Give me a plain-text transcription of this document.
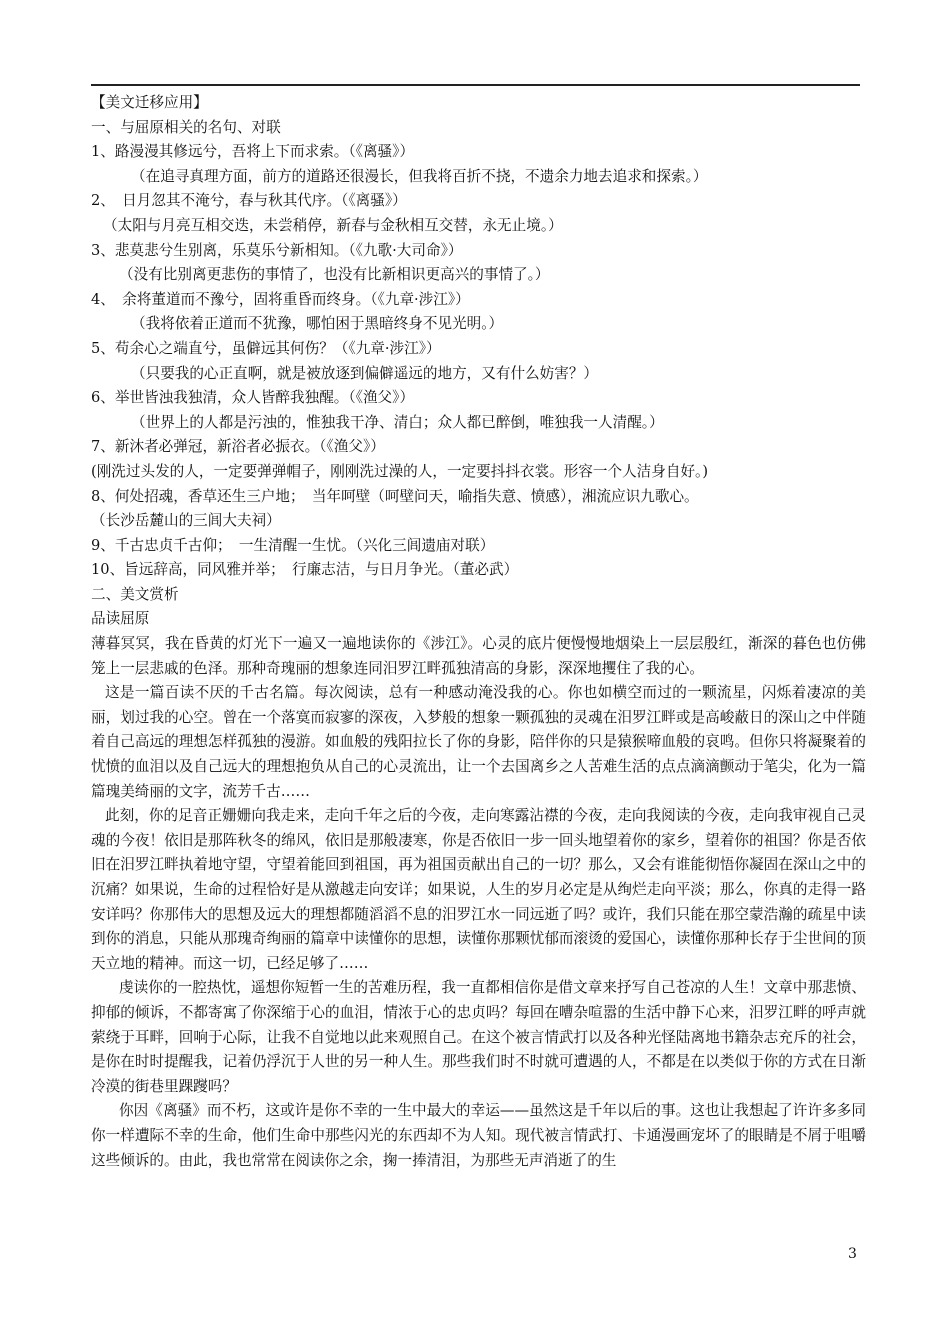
【美文迁移应用】

一、与屈原相关的名句、对联

1、路漫漫其修远兮，吾将上下而求索。（《离骚》）

（在追寻真理方面，前方的道路还很漫长，但我将百折不挠，不遗余力地去追求和探索。）

2、　日月忽其不淹兮，春与秋其代序。（《离骚》）

（太阳与月亮互相交迭，未尝稍停，新春与金秋相互交替，永无止境。）

3、悲莫悲兮生别离，乐莫乐兮新相知。（《九歌·大司命》）

（没有比别离更悲伤的事情了，也没有比新相识更高兴的事情了。）

4、　余将董道而不豫兮，固将重昏而终身。（《九章·涉江》）

（我将依着正道而不犹豫，哪怕困于黑暗终身不见光明。）

5、苟余心之端直兮，虽僻远其何伤？（《九章·涉江》）

（只要我的心正直啊，就是被放逐到偏僻遥远的地方，又有什么妨害？）

6、举世皆浊我独清，众人皆醉我独醒。（《渔父》）

（世界上的人都是污浊的，惟独我干净、清白；众人都已醉倒，唯独我一人清醒。）

7、新沐者必弹冠，新浴者必振衣。（《渔父》）

(刚洗过头发的人，一定要弹弹帽子，刚刚洗过澡的人，一定要抖抖衣裳。形容一个人洁身自好。)

8、何处招魂，香草还生三户地；　当年呵壁（呵壁问天，喻指失意、愤感），湘流应识九歌心。

（长沙岳麓山的三闾大夫祠）

9、千古忠贞千古仰；　一生清醒一生忧。（兴化三闾遗庙对联）

10、旨远辞高，同风雅并举；　行廉志洁，与日月争光。（董必武）

二、美文赏析

品读屈原

薄暮冥冥，我在昏黄的灯光下一遍又一遍地读你的《涉江》。心灵的底片便慢慢地烟染上一层层殷红，渐深的暮色也仿佛笼上一层悲戚的色泽。那种奇瑰丽的想象连同汨罗江畔孤独清高的身影，深深地攫住了我的心。

这是一篇百读不厌的千古名篇。每次阅读，总有一种感动淹没我的心。你也如横空而过的一颗流星，闪烁着凄凉的美丽，划过我的心空。曾在一个落寞而寂寥的深夜，入梦般的想象一颗孤独的灵魂在汨罗江畔或是高峻蔽日的深山之中伴随着自己高远的理想怎样孤独的漫游。如血般的残阳拉长了你的身影，陪伴你的只是猿猴啼血般的哀鸣。但你只将凝聚着的忧愤的血泪以及自己远大的理想抱负从自己的心灵流出，让一个去国离乡之人苦难生活的点点滴滴颤动于笔尖，化为一篇篇瑰美绮丽的文字，流芳千古……

此刻，你的足音正姗姗向我走来，走向千年之后的今夜，走向寒露沾襟的今夜，走向我阅读的今夜，走向我审视自己灵魂的今夜！依旧是那阵秋冬的绵风，依旧是那般凄寒，你是否依旧一步一回头地望着你的家乡，望着你的祖国？你是否依旧在汨罗江畔执着地守望，守望着能回到祖国，再为祖国贡献出自己的一切？那么，又会有谁能彻悟你凝固在深山之中的沉痛？如果说，生命的过程恰好是从激越走向安详；如果说，人生的岁月必定是从绚烂走向平淡；那么，你真的走得一路安详吗？你那伟大的思想及远大的理想都随滔滔不息的汨罗江水一同远逝了吗？或许，我们只能在那空蒙浩瀚的疏星中读到你的消息，只能从那瑰奇绚丽的篇章中读懂你的思想，读懂你那颗忧郁而滚烫的爱国心，读懂你那种长存于尘世间的顶天立地的精神。而这一切，已经足够了……

虔读你的一腔热忱，遥想你短暂一生的苦难历程，我一直都相信你是借文章来抒写自己苍凉的人生！文章中那悲愤、抑郁的倾诉，不都寄寓了你深缩于心的血泪，情浓于心的忠贞吗？每回在嘈杂喧嚣的生活中静下心来，汨罗江畔的呼声就萦绕于耳畔，回响于心际，让我不自觉地以此来观照自己。在这个被言情武打以及各种光怪陆离地书籍杂志充斥的社会，是你在时时提醒我，记着仍浮沉于人世的另一种人生。那些我们时不时就可遭遇的人，不都是在以类似于你的方式在日渐冷漠的街巷里踝躞吗？

你因《离骚》而不朽，这或许是你不幸的一生中最大的幸运——虽然这是千年以后的事。这也让我想起了许许多多同你一样遭际不幸的生命，他们生命中那些闪光的东西却不为人知。现代被言情武打、卡通漫画宠坏了的眼睛是不屑于咀嚼这些倾诉的。由此，我也常常在阅读你之余，掬一捧清泪，为那些无声消逝了的生

3
